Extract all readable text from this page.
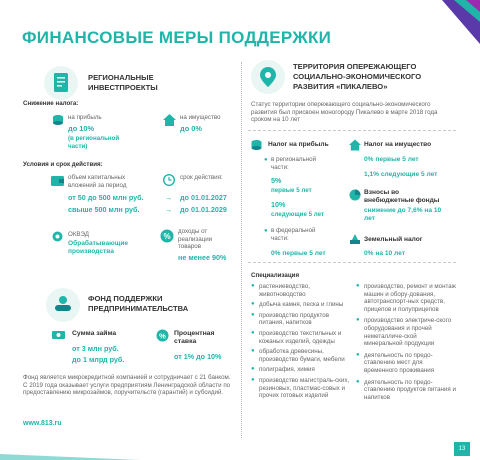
ФИНАНСОВЫЕ МЕРЫ ПОДДЕРЖКИ
РЕГИОНАЛЬНЫЕ
ИНВЕСТПРОЕКТЫ
Снижение налога:
на прибыль
до 10%
(в региональной части)
на имущество
до 0%
Условия и срок действия:
объем капитальных вложений за период
от 50 до 500 млн руб.
свыше 500 млн руб.
срок действия:
→ до 01.01.2027
→ до 01.01.2029
ОКВЭД
Обрабатывающие производства
%
доходы от реализации товаров
не менее 90%
ФОНД ПОДДЕРЖКИ
ПРЕДПРИНИМАТЕЛЬСТВА
Сумма займа
от 3 млн руб.
до 1 млрд руб.
% Процентная ставка
от 1% до 10%
Фонд является микрокредитной компанией и сотрудничает с 21 банком. С 2019 года оказывает услуги предприятиям Ленинградской области по предоставлению микрозаймов, поручительств (гарантий) и субсидий.
www.813.ru
ТЕРРИТОРИЯ ОПЕРЕЖАЮЩЕГО
СОЦИАЛЬНО-ЭКОНОМИЧЕСКОГО
РАЗВИТИЯ «ПИКАЛЕВО»
Статус территории опережающего социально-экономического развития был присвоен моногороду Пикалево в марте 2018 года сроком на 10 лет
Налог на прибыль
● в региональной части:
5%
первые 5 лет
10%
следующие 5 лет
● в федеральной части:
0% первые 5 лет
Налог на имущество
0% первые 5 лет
1,1% следующие 5 лет
Взносы во внебюджетные фонды
снижение до 7,6% на 10 лет
Земельный налог
0% на 10 лет
Специализация
● растениеводство, животноводство
● добыча камня, песка и глины
● производство продуктов питания, напитков
● производство текстильных и кожаных изделий, одежды
● обработка древесины, производство бумаги, мебели
● полиграфия, химия
● производство магистраль-ских, резиновых, пластмас-совых и прочих готовых изделий
● производство, ремонт и монтаж машин и обору-дования, автотранспорт-ных средств, прицепов и полуприцепов
● производство электриче-ского оборудования и прочей неметалличе-ской минеральной продукции
● деятельность по предо-ставлению мест для временного проживания
● деятельность по предо-ставлению продуктов питания и напитков
13
